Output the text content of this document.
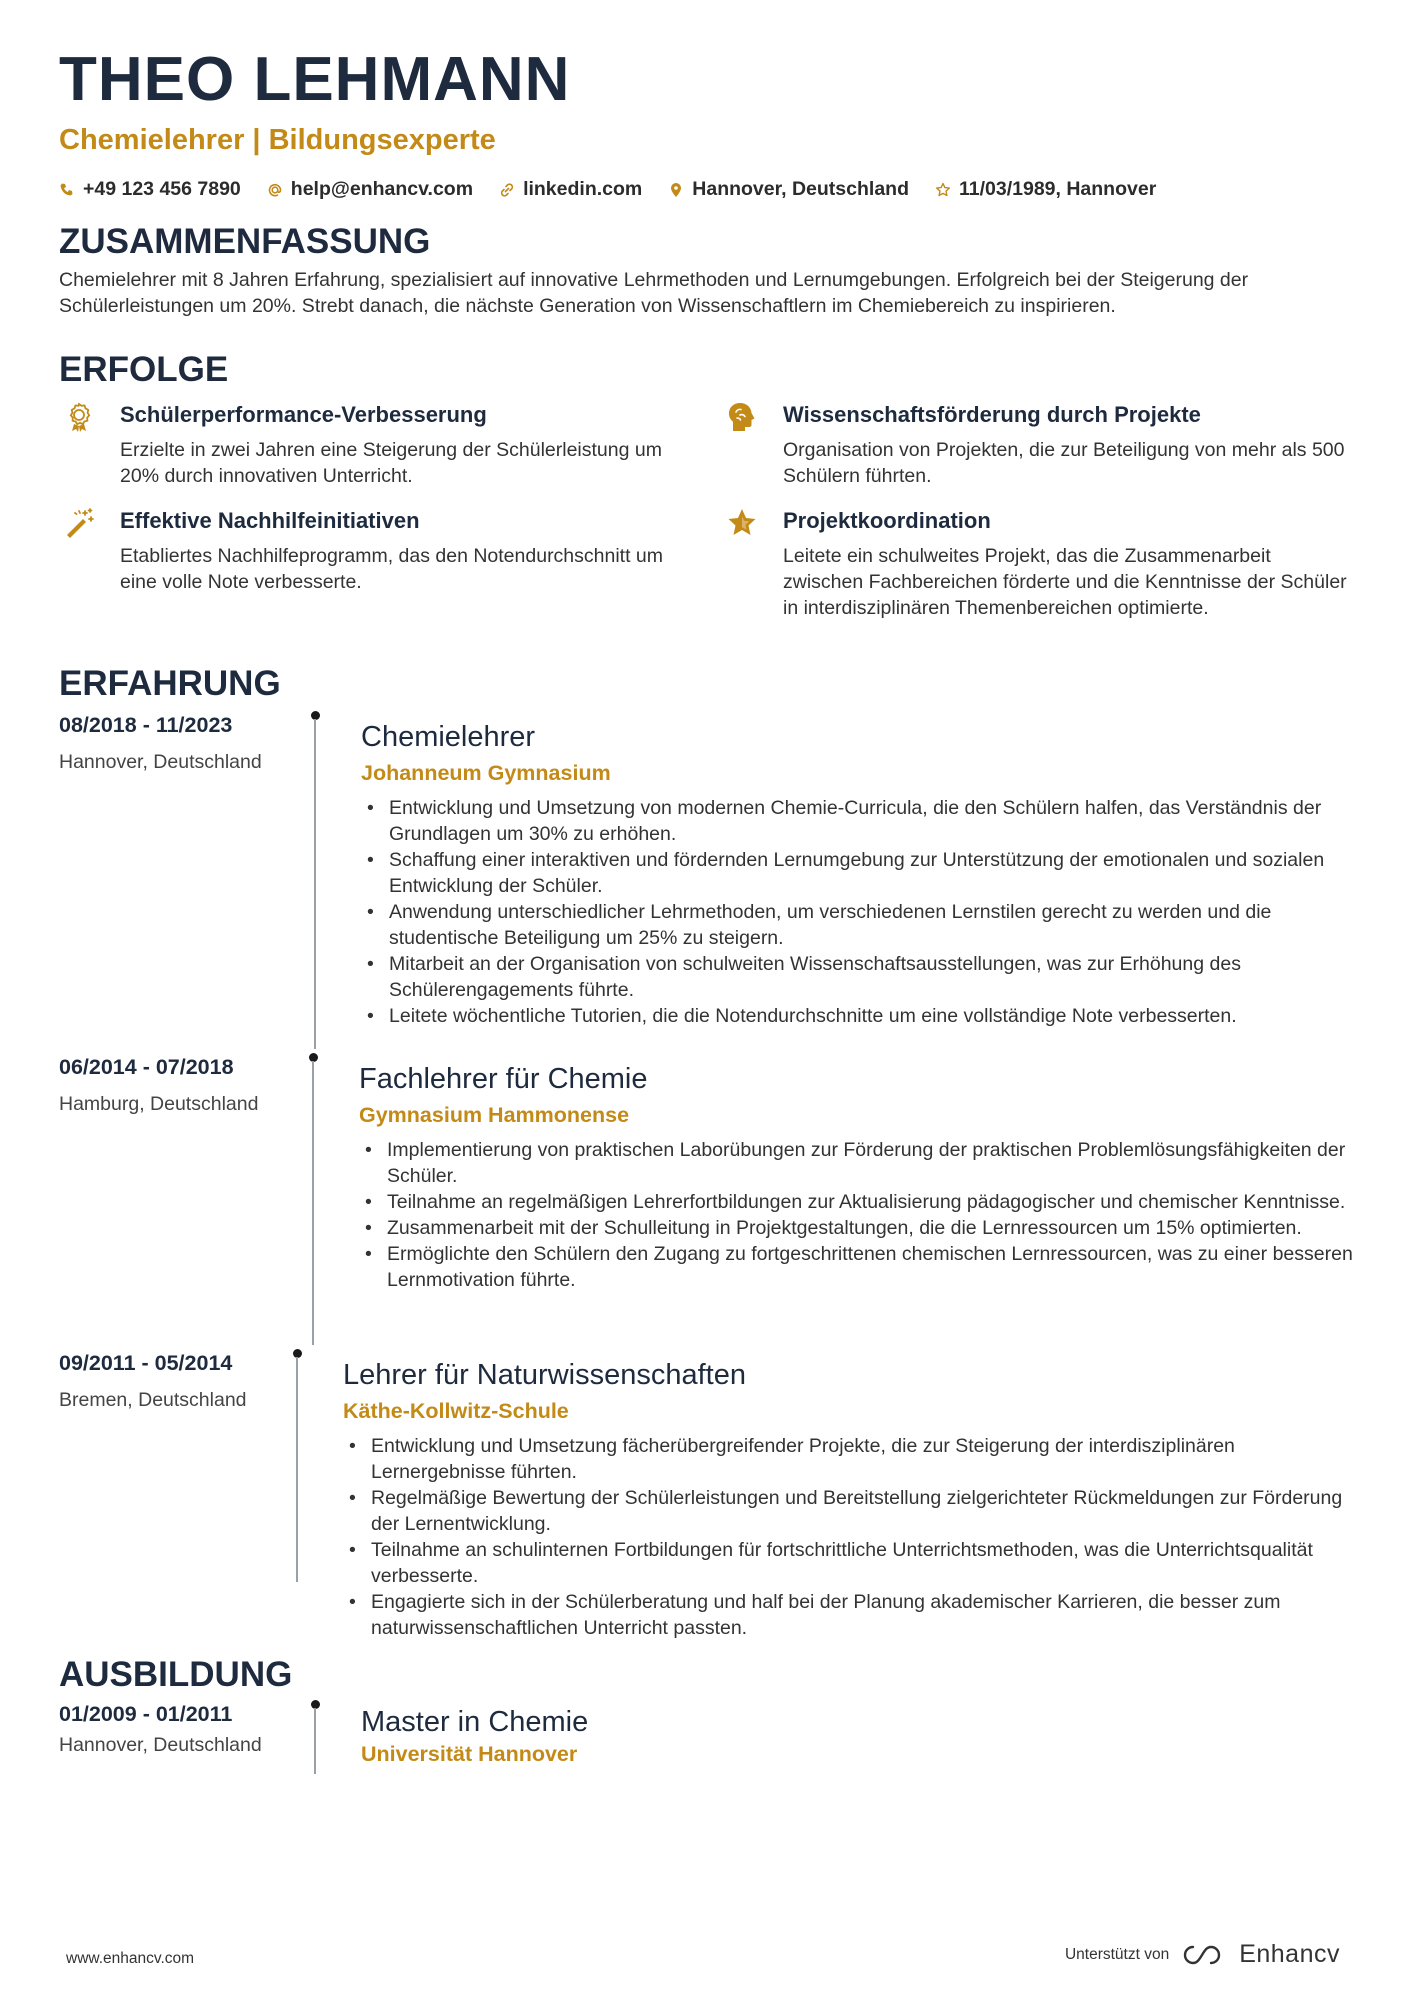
THEO LEHMANN
Chemielehrer | Bildungsexperte
+49 123 456 7890	help@enhancv.com	linkedin.com	Hannover, Deutschland	11/03/1989, Hannover
ZUSAMMENFASSUNG
Chemielehrer mit 8 Jahren Erfahrung, spezialisiert auf innovative Lehrmethoden und Lernumgebungen. Erfolgreich bei der Steigerung der Schülerleistungen um 20%. Strebt danach, die nächste Generation von Wissenschaftlern im Chemiebereich zu inspirieren.
ERFOLGE
Schülerperformance-Verbesserung
Erzielte in zwei Jahren eine Steigerung der Schülerleistung um 20% durch innovativen Unterricht.
Wissenschaftsförderung durch Projekte
Organisation von Projekten, die zur Beteiligung von mehr als 500 Schülern führten.
Effektive Nachhilfeinitiativen
Etabliertes Nachhilfeprogramm, das den Notendurchschnitt um eine volle Note verbesserte.
Projektkoordination
Leitete ein schulweites Projekt, das die Zusammenarbeit zwischen Fachbereichen förderte und die Kenntnisse der Schüler in interdisziplinären Themenbereichen optimierte.
ERFAHRUNG
08/2018 - 11/2023
Hannover, Deutschland
Chemielehrer
Johanneum Gymnasium
• Entwicklung und Umsetzung von modernen Chemie-Curricula, die den Schülern halfen, das Verständnis der Grundlagen um 30% zu erhöhen.
• Schaffung einer interaktiven und fördernden Lernumgebung zur Unterstützung der emotionalen und sozialen Entwicklung der Schüler.
• Anwendung unterschiedlicher Lehrmethoden, um verschiedenen Lernstilen gerecht zu werden und die studentische Beteiligung um 25% zu steigern.
• Mitarbeit an der Organisation von schulweiten Wissenschaftsausstellungen, was zur Erhöhung des Schülerengagements führte.
• Leitete wöchentliche Tutorien, die die Notendurchschnitte um eine vollständige Note verbesserten.
06/2014 - 07/2018
Hamburg, Deutschland
Fachlehrer für Chemie
Gymnasium Hammonense
• Implementierung von praktischen Laborübungen zur Förderung der praktischen Problemlösungsfähigkeiten der Schüler.
• Teilnahme an regelmäßigen Lehrerfortbildungen zur Aktualisierung pädagogischer und chemischer Kenntnisse.
• Zusammenarbeit mit der Schulleitung in Projektgestaltungen, die die Lernressourcen um 15% optimierten.
• Ermöglichte den Schülern den Zugang zu fortgeschrittenen chemischen Lernressourcen, was zu einer besseren Lernmotivation führte.
09/2011 - 05/2014
Bremen, Deutschland
Lehrer für Naturwissenschaften
Käthe-Kollwitz-Schule
• Entwicklung und Umsetzung fächerübergreifender Projekte, die zur Steigerung der interdisziplinären Lernergebnisse führten.
• Regelmäßige Bewertung der Schülerleistungen und Bereitstellung zielgerichteter Rückmeldungen zur Förderung der Lernentwicklung.
• Teilnahme an schulinternen Fortbildungen für fortschrittliche Unterrichtsmethoden, was die Unterrichtsqualität verbesserte.
• Engagierte sich in der Schülerberatung und half bei der Planung akademischer Karrieren, die besser zum naturwissenschaftlichen Unterricht passten.
AUSBILDUNG
01/2009 - 01/2011
Hannover, Deutschland
Master in Chemie
Universität Hannover
www.enhancv.com	Unterstützt von	Enhancv
